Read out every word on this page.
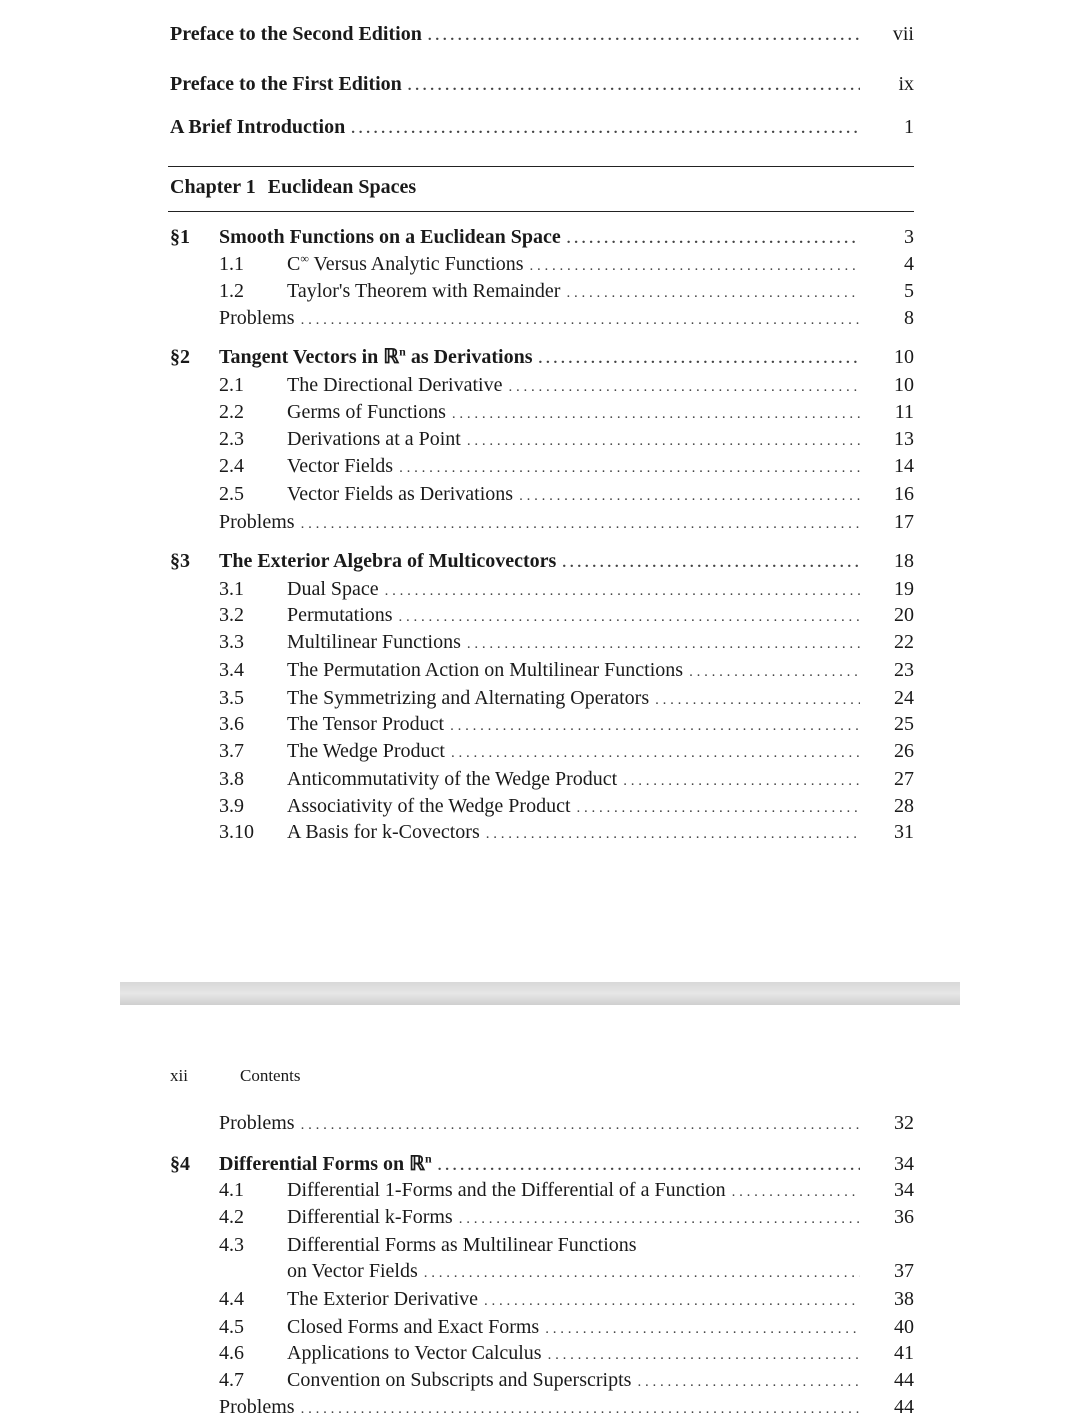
Preface to the Second Edition . . .	vii
Preface to the First Edition . . .	ix
A Brief Introduction . . .	1
Chapter 1 Euclidean Spaces
§1 Smooth Functions on a Euclidean Space . . .	3
1.1 C∞ Versus Analytic Functions . . .	4
1.2 Taylor's Theorem with Remainder . . .	5
Problems . . .	8
§2 Tangent Vectors in ℝ$^n$ as Derivations . . .	10
2.1 The Directional Derivative . . .	10
2.2 Germs of Functions . . .	11
2.3 Derivations at a Point . . .	13
2.4 Vector Fields . . .	14
2.5 Vector Fields as Derivations . . .	16
Problems . . .	17
§3 The Exterior Algebra of Multicovectors . . .	18
3.1 Dual Space . . .	19
3.2 Permutations . . .	20
3.3 Multilinear Functions . . .	22
3.4 The Permutation Action on Multilinear Functions . . .	23
3.5 The Symmetrizing and Alternating Operators . . .	24
3.6 The Tensor Product . . .	25
3.7 The Wedge Product . . .	26
3.8 Anticommutativity of the Wedge Product . . .	27
3.9 Associativity of the Wedge Product . . .	28
3.10 A Basis for k-Covectors . . .	31
xii	Contents
Problems . . .	32
§4 Differential Forms on ℝ$^n$ . . .	34
4.1 Differential 1-Forms and the Differential of a Function . . .	34
4.2 Differential k-Forms . . .	36
4.3 Differential Forms as Multilinear Functions
on Vector Fields . . .	37
4.4 The Exterior Derivative . . .	38
4.5 Closed Forms and Exact Forms . . .	40
4.6 Applications to Vector Calculus . . .	41
4.7 Convention on Subscripts and Superscripts . . .	44
Problems . . .	44
